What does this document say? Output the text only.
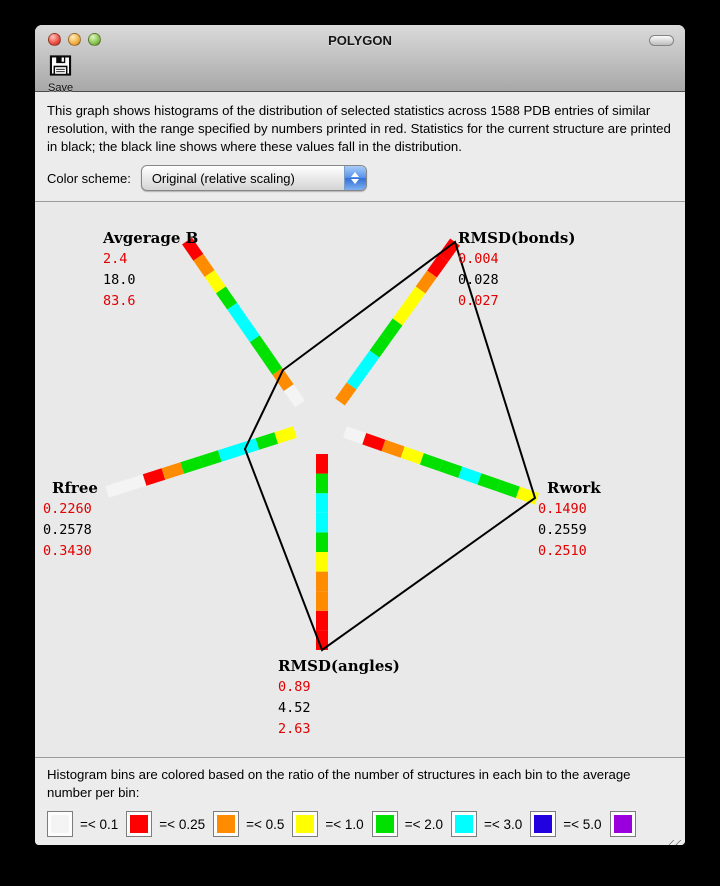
POLYGON
Save
This graph shows histograms of the distribution of selected statistics across 1588 PDB entries of similar resolution, with the range specified by numbers printed in red. Statistics for the current structure are printed in black; the black line shows where these values fall in the distribution.
Color scheme:	Original (relative scaling)
Avgerage B
2.4
18.0
83.6
RMSD(bonds)
0.004
0.028
0.027
Rwork
0.1490
0.2559
0.2510
RMSD(angles)
0.89
4.52
2.63
Rfree
0.2260
0.2578
0.3430
Histogram bins are colored based on the ratio of the number of structures in each bin to the average number per bin:
=< 0.1	=< 0.25	=< 0.5	=< 1.0	=< 2.0	=< 3.0	=< 5.0
